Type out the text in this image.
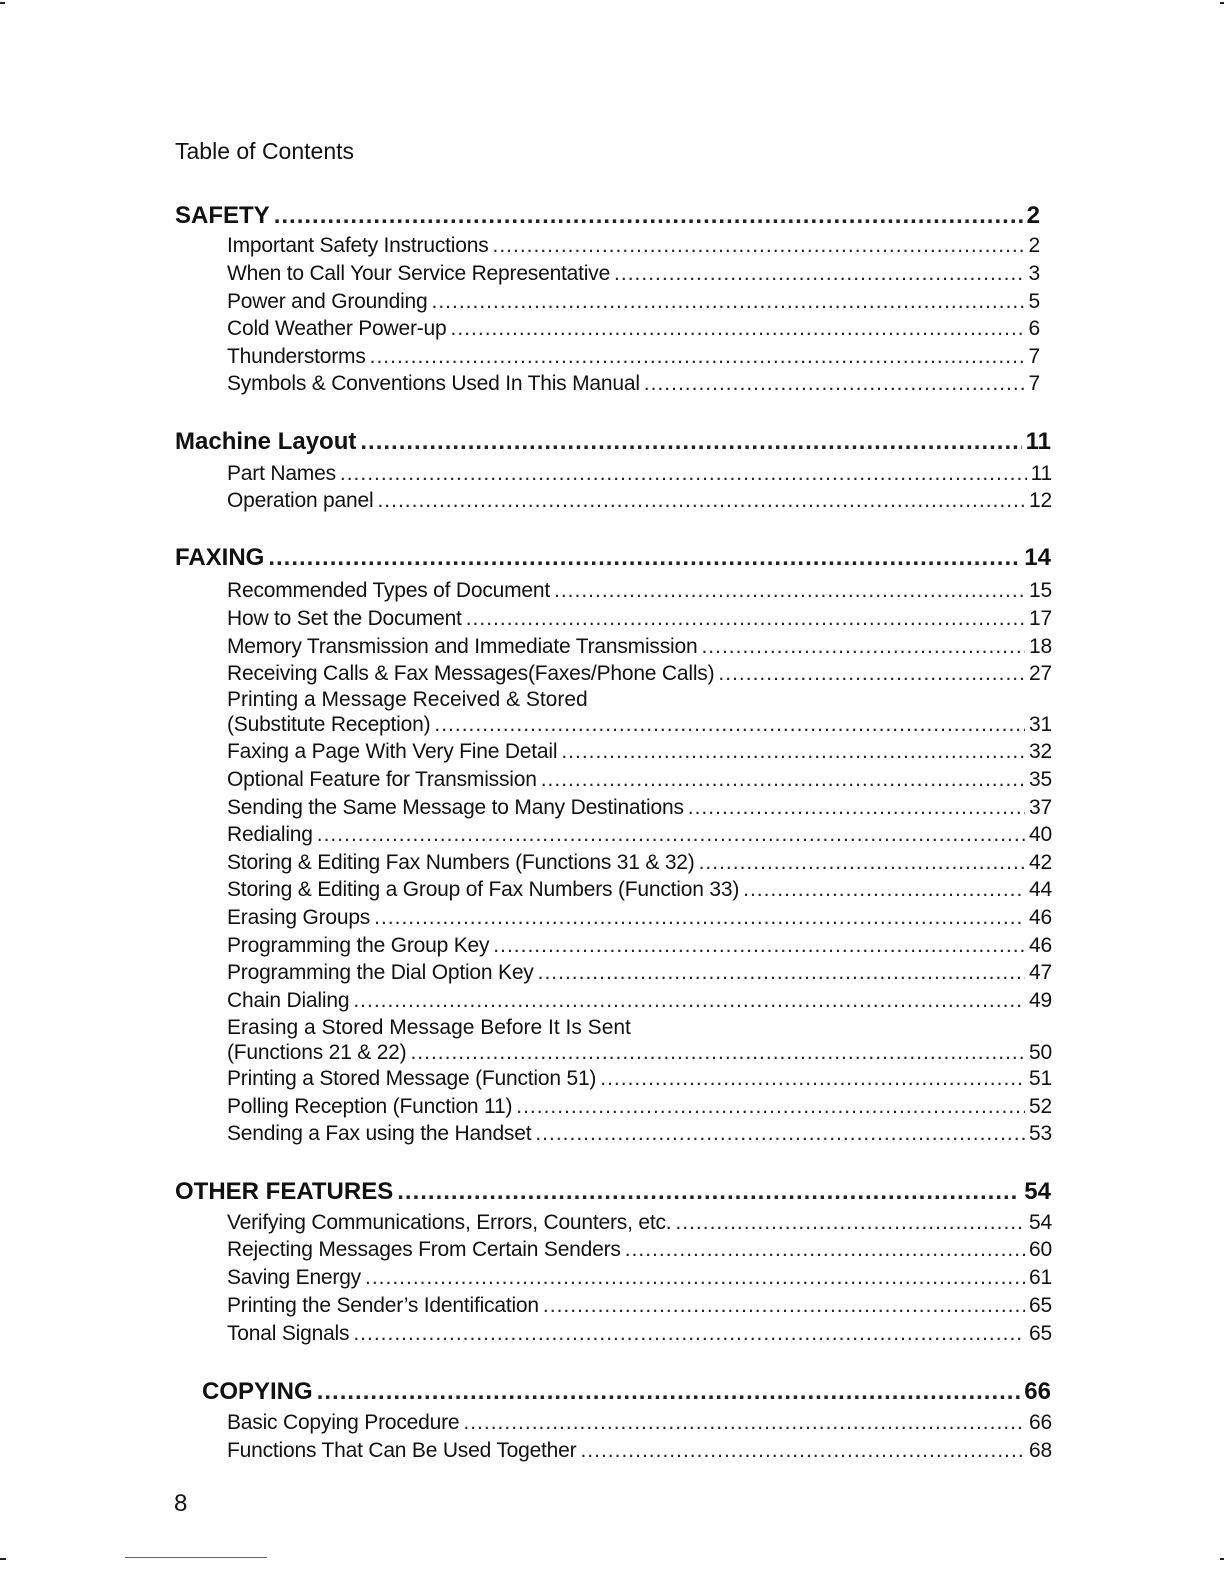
Table of Contents
SAFETY .....	2
Important Safety Instructions .....	2
When to Call Your Service Representative .....	3
Power and Grounding .....	5
Cold Weather Power-up .....	6
Thunderstorms .....	7
Symbols & Conventions Used In This Manual .....	7
Machine Layout .....	11
Part Names .....	11
Operation panel .....	12
FAXING .....	14
Recommended Types of Document .....	15
How to Set the Document .....	17
Memory Transmission and Immediate Transmission .....	18
Receiving Calls & Fax Messages(Faxes/Phone Calls) .....	27
Printing a Message Received & Stored
(Substitute Reception) .....	31
Faxing a Page With Very Fine Detail .....	32
Optional Feature for Transmission .....	35
Sending the Same Message to Many Destinations .....	37
Redialing .....	40
Storing & Editing Fax Numbers (Functions 31 & 32) .....	42
Storing & Editing a Group of Fax Numbers (Function 33) .....	44
Erasing Groups .....	46
Programming the Group Key .....	46
Programming the Dial Option Key .....	47
Chain Dialing .....	49
Erasing a Stored Message Before It Is Sent
(Functions 21 & 22) .....	50
Printing a Stored Message (Function 51) .....	51
Polling Reception (Function 11) .....	52
Sending a Fax using the Handset .....	53
OTHER FEATURES .....	54
Verifying Communications, Errors, Counters, etc. .....	54
Rejecting Messages From Certain Senders .....	60
Saving Energy .....	61
Printing the Sender’s Identification .....	65
Tonal Signals .....	65
COPYING .....	66
Basic Copying Procedure .....	66
Functions That Can Be Used Together .....	68
8
